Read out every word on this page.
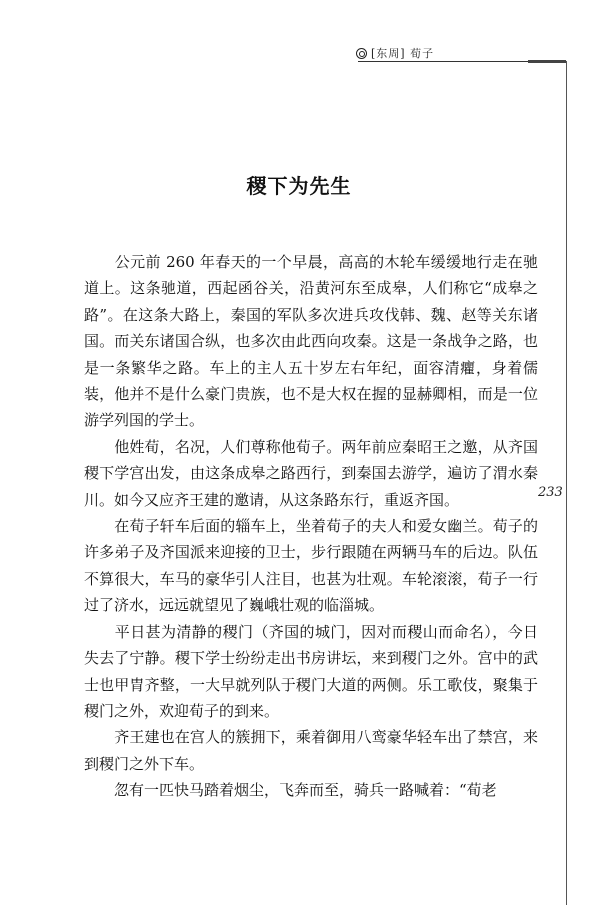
[东周] 荀子
233
稷下为先生

　　公元前 260 年春天的一个早晨，高高的木轮车缓缓地行走在驰道上。这条驰道，西起函谷关，沿黄河东至成皋，人们称它“成皋之路”。在这条大路上，秦国的军队多次进兵攻伐韩、魏、赵等关东诸国。而关东诸国合纵，也多次由此西向攻秦。这是一条战争之路，也是一条繁华之路。车上的主人五十岁左右年纪，面容清癯，身着儒装，他并不是什么豪门贵族，也不是大权在握的显赫卿相，而是一位游学列国的学士。

　　他姓荀，名况，人们尊称他荀子。两年前应秦昭王之邀，从齐国稷下学宫出发，由这条成皋之路西行，到秦国去游学，遍访了渭水秦川。如今又应齐王建的邀请，从这条路东行，重返齐国。

　　在荀子轩车后面的辎车上，坐着荀子的夫人和爱女幽兰。荀子的许多弟子及齐国派来迎接的卫士，步行跟随在两辆马车的后边。队伍不算很大，车马的豪华引人注目，也甚为壮观。车轮滚滚，荀子一行过了济水，远远就望见了巍峨壮观的临淄城。

　　平日甚为清静的稷门（齐国的城门，因对而稷山而命名），今日失去了宁静。稷下学士纷纷走出书房讲坛，来到稷门之外。宫中的武士也甲胄齐整，一大早就列队于稷门大道的两侧。乐工歌伎，聚集于稷门之外，欢迎荀子的到来。

　　齐王建也在宫人的簇拥下，乘着御用八鸾豪华轻车出了禁宫，来到稷门之外下车。

　　忽有一匹快马踏着烟尘，飞奔而至，骑兵一路喊着：“荀老
